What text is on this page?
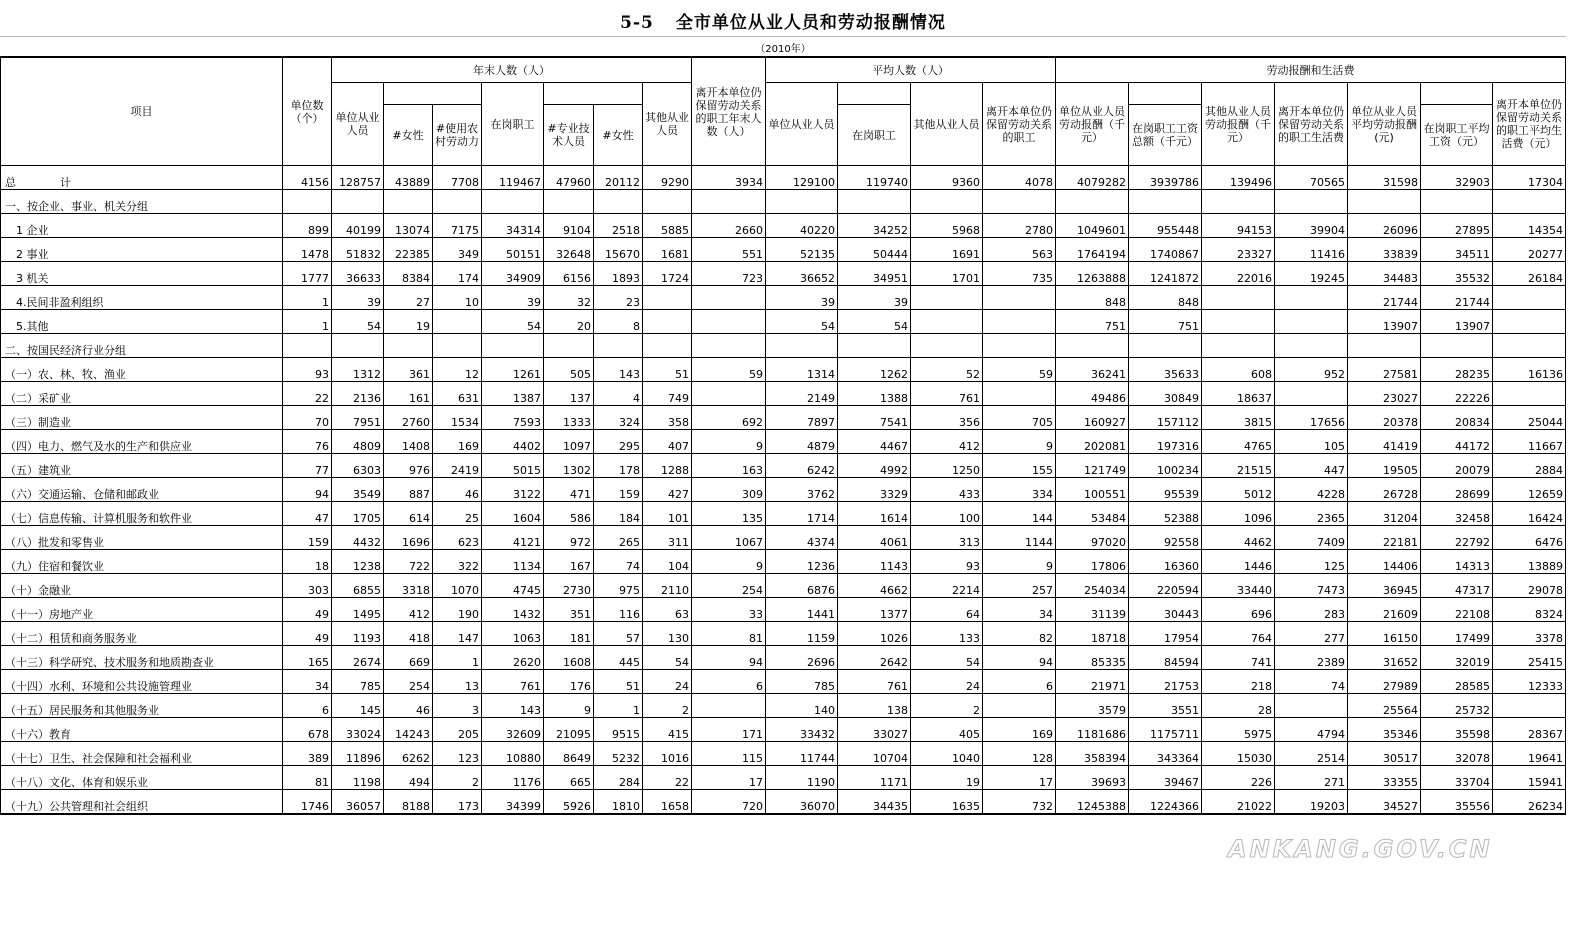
5-5 全市单位从业人员和劳动报酬情况
（2010年）
项目	单位数（个）	年末人数（人）							离开本单位仍保留劳动关系的职工年末人数（人）	平均人数（人）				劳动报酬和生活费						
		单位从业人员			在岗职工			其他从业人员		单位从业人员		其他从业人员	离开本单位仍保留劳动关系的职工	单位从业人员劳动报酬（千元）		其他从业人员劳动报酬（千元）	离开本单位仍保留劳动关系的职工生活费	单位从业人员平均劳动报酬(元)		离开本单位仍保留劳动关系的职工平均生活费（元）
			#女性	#使用农村劳动力		#专业技术人员	#女性				在岗职工				在岗职工工资总额（千元）				在岗职工平均工资（元）	
总　　　　计	4156	128757	43889	7708	119467	47960	20112	9290	3934	129100	119740	9360	4078	4079282	3939786	139496	70565	31598	32903	17304
一、按企业、事业、机关分组																				
　1 企业	899	40199	13074	7175	34314	9104	2518	5885	2660	40220	34252	5968	2780	1049601	955448	94153	39904	26096	27895	14354
　2 事业	1478	51832	22385	349	50151	32648	15670	1681	551	52135	50444	1691	563	1764194	1740867	23327	11416	33839	34511	20277
　3 机关	1777	36633	8384	174	34909	6156	1893	1724	723	36652	34951	1701	735	1263888	1241872	22016	19245	34483	35532	26184
　4.民间非盈利组织	1	39	27	10	39	32	23			39	39			848	848			21744	21744	
　5.其他	1	54	19		54	20	8			54	54			751	751			13907	13907	
二、按国民经济行业分组																				
（一）农、林、牧、渔业	93	1312	361	12	1261	505	143	51	59	1314	1262	52	59	36241	35633	608	952	27581	28235	16136
（二）采矿业	22	2136	161	631	1387	137	4	749		2149	1388	761		49486	30849	18637		23027	22226	
（三）制造业	70	7951	2760	1534	7593	1333	324	358	692	7897	7541	356	705	160927	157112	3815	17656	20378	20834	25044
（四）电力、燃气及水的生产和供应业	76	4809	1408	169	4402	1097	295	407	9	4879	4467	412	9	202081	197316	4765	105	41419	44172	11667
（五）建筑业	77	6303	976	2419	5015	1302	178	1288	163	6242	4992	1250	155	121749	100234	21515	447	19505	20079	2884
（六）交通运输、仓储和邮政业	94	3549	887	46	3122	471	159	427	309	3762	3329	433	334	100551	95539	5012	4228	26728	28699	12659
（七）信息传输、计算机服务和软件业	47	1705	614	25	1604	586	184	101	135	1714	1614	100	144	53484	52388	1096	2365	31204	32458	16424
（八）批发和零售业	159	4432	1696	623	4121	972	265	311	1067	4374	4061	313	1144	97020	92558	4462	7409	22181	22792	6476
（九）住宿和餐饮业	18	1238	722	322	1134	167	74	104	9	1236	1143	93	9	17806	16360	1446	125	14406	14313	13889
（十）金融业	303	6855	3318	1070	4745	2730	975	2110	254	6876	4662	2214	257	254034	220594	33440	7473	36945	47317	29078
（十一）房地产业	49	1495	412	190	1432	351	116	63	33	1441	1377	64	34	31139	30443	696	283	21609	22108	8324
（十二）租赁和商务服务业	49	1193	418	147	1063	181	57	130	81	1159	1026	133	82	18718	17954	764	277	16150	17499	3378
（十三）科学研究、技术服务和地质勘查业	165	2674	669	1	2620	1608	445	54	94	2696	2642	54	94	85335	84594	741	2389	31652	32019	25415
（十四）水利、环境和公共设施管理业	34	785	254	13	761	176	51	24	6	785	761	24	6	21971	21753	218	74	27989	28585	12333
（十五）居民服务和其他服务业	6	145	46	3	143	9	1	2		140	138	2		3579	3551	28		25564	25732	
（十六）教育	678	33024	14243	205	32609	21095	9515	415	171	33432	33027	405	169	1181686	1175711	5975	4794	35346	35598	28367
（十七）卫生、社会保障和社会福利业	389	11896	6262	123	10880	8649	5232	1016	115	11744	10704	1040	128	358394	343364	15030	2514	30517	32078	19641
（十八）文化、体育和娱乐业	81	1198	494	2	1176	665	284	22	17	1190	1171	19	17	39693	39467	226	271	33355	33704	15941
（十九）公共管理和社会组织	1746	36057	8188	173	34399	5926	1810	1658	720	36070	34435	1635	732	1245388	1224366	21022	19203	34527	35556	26234
ANKANG.GOV.CN
